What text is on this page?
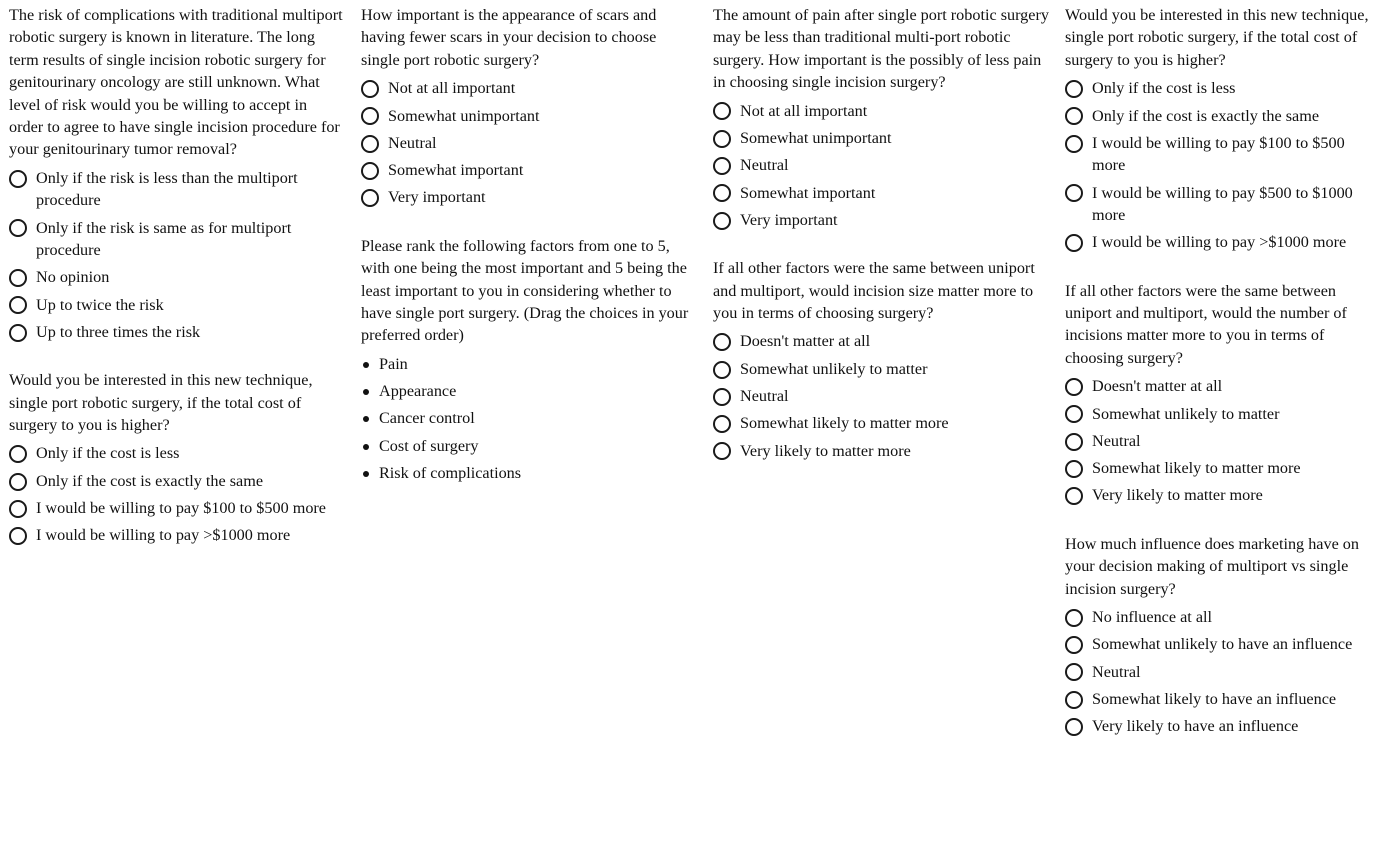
The risk of complications with traditional multiport robotic surgery is known in literature. The long term results of single incision robotic surgery for genitourinary oncology are still unknown. What level of risk would you be willing to accept in order to agree to have single incision procedure for your genitourinary tumor removal?
Only if the risk is less than the multiport procedure
Only if the risk is same as for multiport procedure
No opinion
Up to twice the risk
Up to three times the risk
Would you be interested in this new technique, single port robotic surgery, if the total cost of surgery to you is higher?
Only if the cost is less
Only if the cost is exactly the same
I would be willing to pay $100 to $500 more
I would be willing to pay >$1000 more
How important is the appearance of scars and having fewer scars in your decision to choose single port robotic surgery?
Not at all important
Somewhat unimportant
Neutral
Somewhat important
Very important
Please rank the following factors from one to 5, with one being the most important and 5 being the least important to you in considering whether to have single port surgery. (Drag the choices in your preferred order)
Pain
Appearance
Cancer control
Cost of surgery
Risk of complications
The amount of pain after single port robotic surgery may be less than traditional multi-port robotic surgery. How important is the possibly of less pain in choosing single incision surgery?
Not at all important
Somewhat unimportant
Neutral
Somewhat important
Very important
If all other factors were the same between uniport and multiport, would incision size matter more to you in terms of choosing surgery?
Doesn't matter at all
Somewhat unlikely to matter
Neutral
Somewhat likely to matter more
Very likely to matter more
Would you be interested in this new technique, single port robotic surgery, if the total cost of surgery to you is higher?
Only if the cost is less
Only if the cost is exactly the same
I would be willing to pay $100 to $500 more
I would be willing to pay $500 to $1000 more
I would be willing to pay >$1000 more
If all other factors were the same between uniport and multiport, would the number of incisions matter more to you in terms of choosing surgery?
Doesn't matter at all
Somewhat unlikely to matter
Neutral
Somewhat likely to matter more
Very likely to matter more
How much influence does marketing have on your decision making of multiport vs single incision surgery?
No influence at all
Somewhat unlikely to have an influence
Neutral
Somewhat likely to have an influence
Very likely to have an influence
